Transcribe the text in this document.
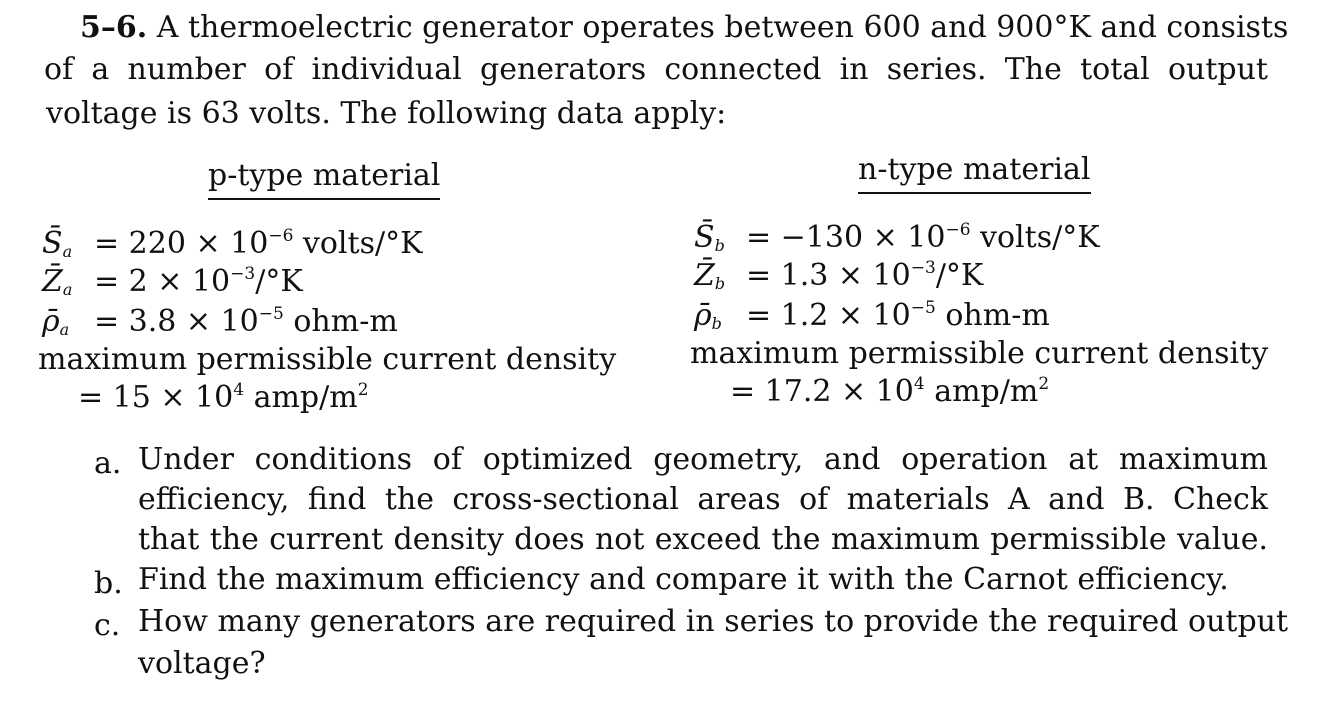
5–6. A thermoelectric generator operates between 600 and 900°K and consists
of a number of individual generators connected in series. The total output
voltage is 63 volts. The following data apply:
p-type material	n-type material
$S̄_a = 220 \times 10^{-6}$ volts/°K
$Z̄_a = 2 \times 10^{-3}/^\circ K$
$\rhō_a = 3.8 \times 10^{-5}$ ohm-m
maximum permissible current density
= $15 \times 10^4$ amp/$m^2$
$S̄_b = -130 \times 10^{-6}$ volts/°K
$Z̄_b = 1.3 \times 10^{-3}/^\circ K$
$\rhō_b = 1.2 \times 10^{-5}$ ohm-m
maximum permissible current density
= $17.2 \times 10^4$ amp/$m^2$
a. Under conditions of optimized geometry, and operation at maximum
efficiency, find the cross-sectional areas of materials A and B. Check
that the current density does not exceed the maximum permissible value.
b. Find the maximum efficiency and compare it with the Carnot efficiency.
c. How many generators are required in series to provide the required output
voltage?
